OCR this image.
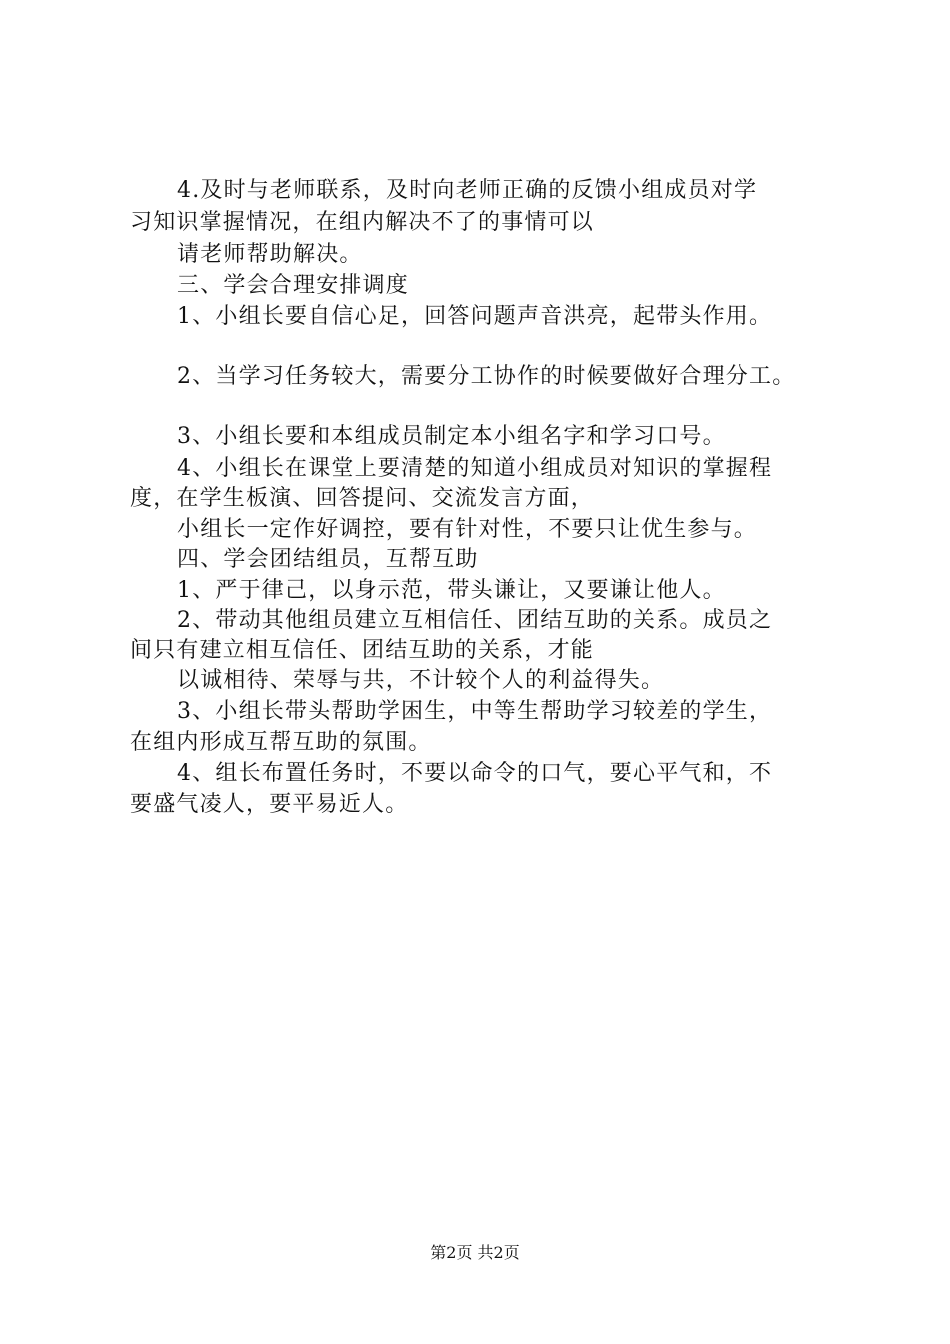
4.及时与老师联系，及时向老师正确的反馈小组成员对学
习知识掌握情况，在组内解决不了的事情可以
请老师帮助解决。
三、学会合理安排调度
1、小组长要自信心足，回答问题声音洪亮，起带头作用。
2、当学习任务较大，需要分工协作的时候要做好合理分工。
3、小组长要和本组成员制定本小组名字和学习口号。
4、小组长在课堂上要清楚的知道小组成员对知识的掌握程
度，在学生板演、回答提问、交流发言方面，
小组长一定作好调控，要有针对性，不要只让优生参与。
四、学会团结组员，互帮互助
1、严于律己，以身示范，带头谦让，又要谦让他人。
2、带动其他组员建立互相信任、团结互助的关系。成员之
间只有建立相互信任、团结互助的关系，才能
以诚相待、荣辱与共，不计较个人的利益得失。
3、小组长带头帮助学困生，中等生帮助学习较差的学生，
在组内形成互帮互助的氛围。
4、组长布置任务时，不要以命令的口气，要心平气和，不
要盛气凌人，要平易近人。
第2页 共2页
